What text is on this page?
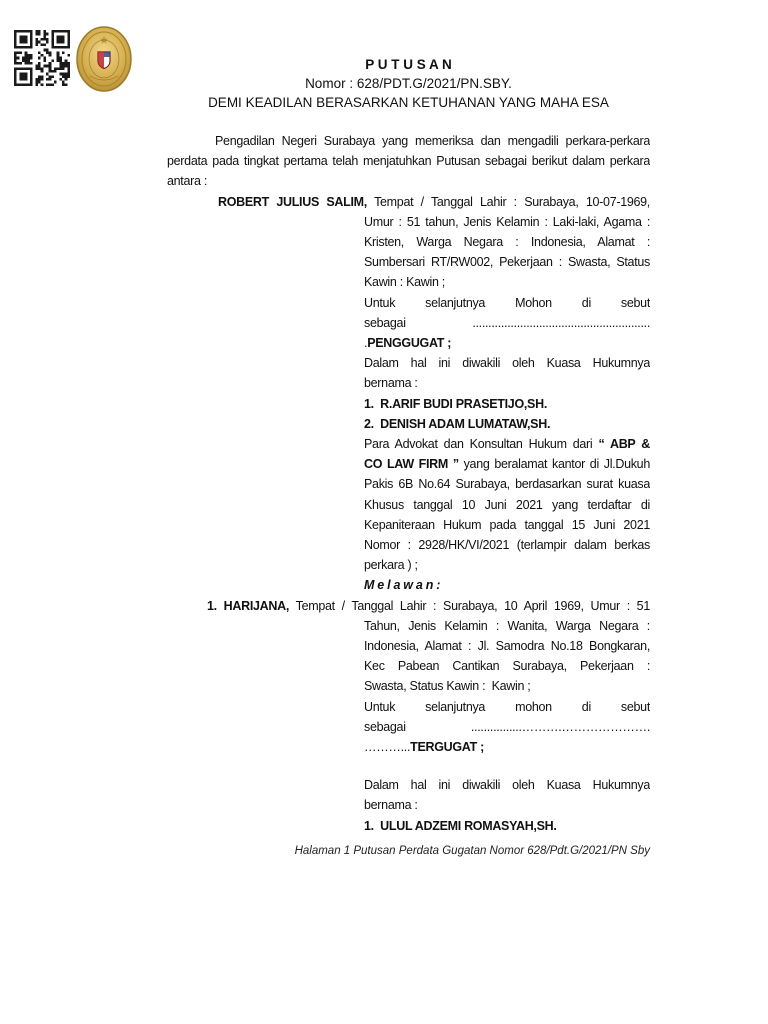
P U T U S A N
Nomor : 628/PDT.G/2021/PN.SBY.
DEMI KEADILAN BERASARKAN KETUHANAN YANG MAHA ESA
Pengadilan Negeri Surabaya yang memeriksa dan mengadili perkara-perkara
perdata pada tingkat pertama telah menjatuhkan Putusan sebagai berikut dalam perkara
antara :
ROBERT JULIUS SALIM, Tempat / Tanggal Lahir : Surabaya, 10-07-1969,
Umur : 51 tahun, Jenis Kelamin : Laki-laki, Agama :
Kristen, Warga Negara : Indonesia, Alamat :
Sumbersari RT/RW002, Pekerjaan : Swasta, Status
Kawin : Kawin ;
Untuk selanjutnya Mohon di sebut
sebagai ........................................................
.PENGGUGAT ;
Dalam hal ini diwakili oleh Kuasa Hukumnya
bernama :
1.  R.ARIF BUDI PRASETIJO,SH.
2.  DENISH ADAM LUMATAW,SH.
Para Advokat dan Konsultan Hukum dari “ ABP &
CO LAW FIRM ” yang beralamat kantor di Jl.Dukuh
Pakis 6B No.64 Surabaya, berdasarkan surat kuasa
Khusus tanggal 10 Juni 2021 yang terdaftar di
Kepaniteraan Hukum pada tanggal 15 Juni 2021
Nomor : 2928/HK/VI/2021 (terlampir dalam berkas
perkara ) ;
M e l a w a n :
1. HARIJANA, Tempat / Tanggal Lahir : Surabaya, 10 April 1969, Umur : 51
Tahun, Jenis Kelamin : Wanita, Warga Negara :
Indonesia, Alamat : Jl. Samodra No.18 Bongkaran,
Kec Pabean Cantikan Surabaya, Pekerjaan :
Swasta, Status Kawin :  Kawin ;
Untuk selanjutnya mohon di sebut
sebagai ................……….………………….
………...TERGUGAT ;
Dalam hal ini diwakili oleh Kuasa Hukumnya
bernama :
1.  ULUL ADZEMI ROMASYAH,SH.
Halaman 1 Putusan Perdata Gugatan Nomor 628/Pdt.G/2021/PN Sby
